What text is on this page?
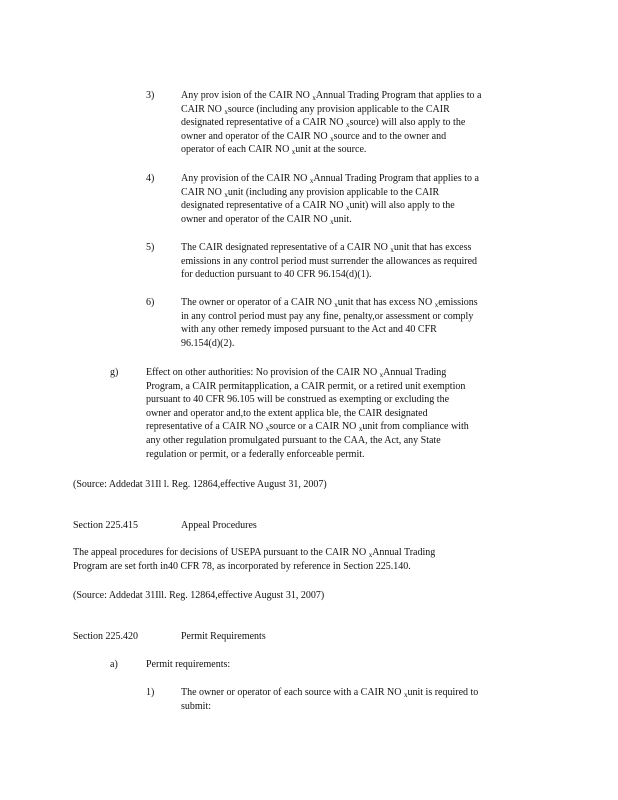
3)	Any prov ision of the CAIR NO $_x$Annual Trading Program that applies to a
CAIR NO $_x$source (including any provision applicable to the CAIR
designated representative of a CAIR NO $_x$source) will also apply to the
owner and operator of the CAIR NO $_x$source and to the owner and
operator of each CAIR NO $_x$unit at the source.

4)	Any provision of the CAIR NO $_x$Annual Trading Program that applies to a
CAIR NO $_x$unit (including any provision applicable to the CAIR
designated representative of a CAIR NO $_x$unit) will also apply to the
owner and operator of the CAIR NO $_x$unit.

5)	The CAIR designated representative of a CAIR NO $_x$unit that has excess
emissions in any control period must surrender the allowances as required
for deduction pursuant to 40 CFR 96.154(d)(1).

6)	The owner or operator of a CAIR NO $_x$unit that has excess NO $_x$emissions
in any control period must pay any fine, penalty,or assessment or comply
with any other remedy imposed pursuant to the Act and 40 CFR
96.154(d)(2).

g)	Effect on other authorities: No provision of the CAIR NO $_x$Annual Trading
Program, a CAIR permitapplication, a CAIR permit, or a retired unit exemption
pursuant to 40 CFR 96.105 will be construed as exempting or excluding the
owner and operator and,to the extent applica ble, the CAIR designated
representative of a CAIR NO $_x$source or a CAIR NO $_x$unit from compliance with
any other regulation promulgated pursuant to the CAA, the Act, any State
regulation or permit, or a federally enforceable permit.

(Source: Addedat 31Il l. Reg. 12864,effective August 31, 2007)

Section 225.415	Appeal Procedures

The appeal procedures for decisions of USEPA pursuant to the CAIR NO $_x$Annual Trading
Program are set forth in40 CFR 78, as incorporated by reference in Section 225.140.

(Source: Addedat 31Ill. Reg. 12864,effective August 31, 2007)

Section 225.420	Permit Requirements

a)	Permit requirements:

1)	The owner or operator of each source with a CAIR NO $_x$unit is required to
submit:
